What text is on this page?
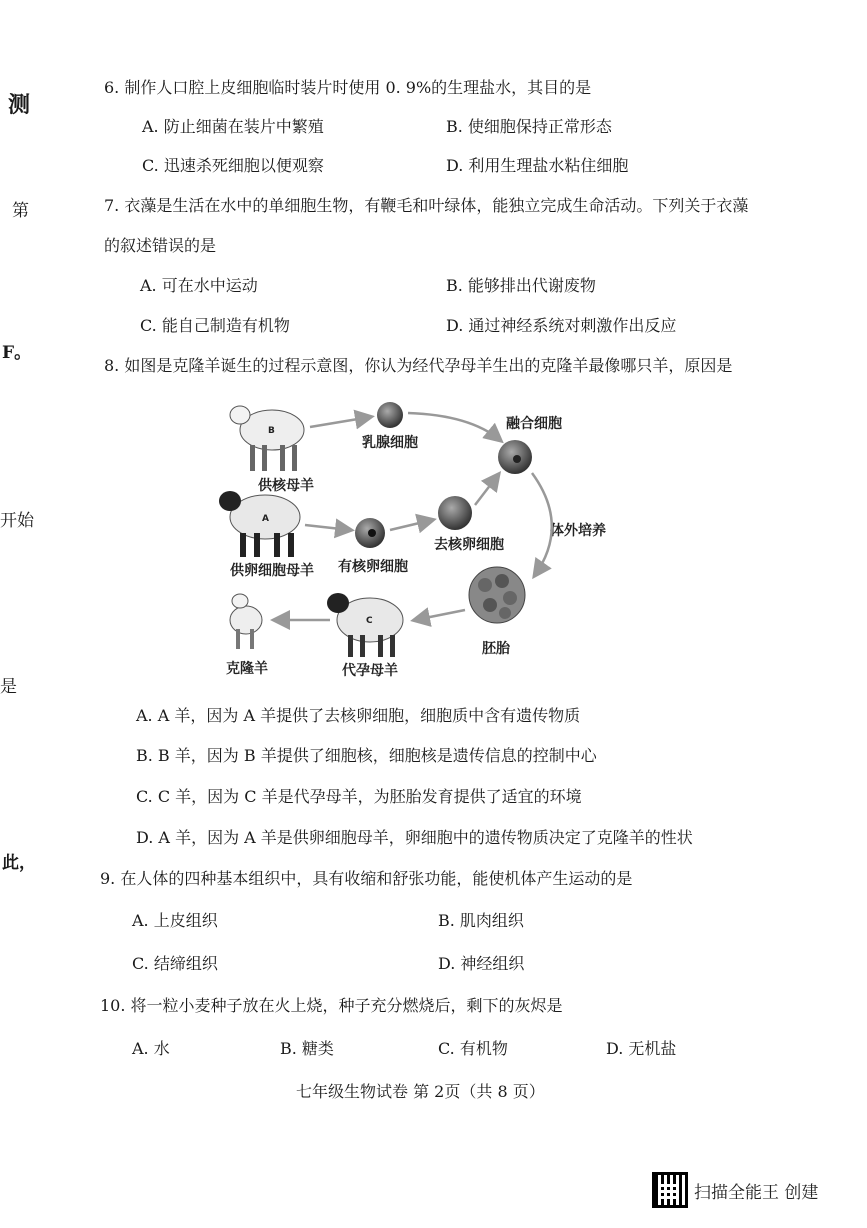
测
第
F。
开始
是
此，
6. 制作人口腔上皮细胞临时装片时使用 0. 9%的生理盐水，其目的是
A. 防止细菌在装片中繁殖	B. 使细胞保持正常形态
C. 迅速杀死细胞以便观察	D. 利用生理盐水粘住细胞
7. 衣藻是生活在水中的单细胞生物，有鞭毛和叶绿体，能独立完成生命活动。下列关于衣藻
的叙述错误的是
A. 可在水中运动	B. 能够排出代谢废物
C. 能自己制造有机物	D. 通过神经系统对刺激作出反应
8. 如图是克隆羊诞生的过程示意图，你认为经代孕母羊生出的克隆羊最像哪只羊，原因是
B
供核母羊
乳腺细胞
融合细胞
A
供卵细胞母羊 有核卵细胞
去核卵细胞
体外培养
胚胎
C
代孕母羊
克隆羊
A. A 羊，因为 A 羊提供了去核卵细胞，细胞质中含有遗传物质
B. B 羊，因为 B 羊提供了细胞核，细胞核是遗传信息的控制中心
C. C 羊，因为 C 羊是代孕母羊，为胚胎发育提供了适宜的环境
D. A 羊，因为 A 羊是供卵细胞母羊，卵细胞中的遗传物质决定了克隆羊的性状
9. 在人体的四种基本组织中，具有收缩和舒张功能，能使机体产生运动的是
A. 上皮组织	B. 肌肉组织
C. 结缔组织	D. 神经组织
10. 将一粒小麦种子放在火上烧，种子充分燃烧后，剩下的灰烬是
A. 水	B. 糖类	C. 有机物	D. 无机盐
七年级生物试卷 第 2页（共 8 页）
扫描全能王 创建
